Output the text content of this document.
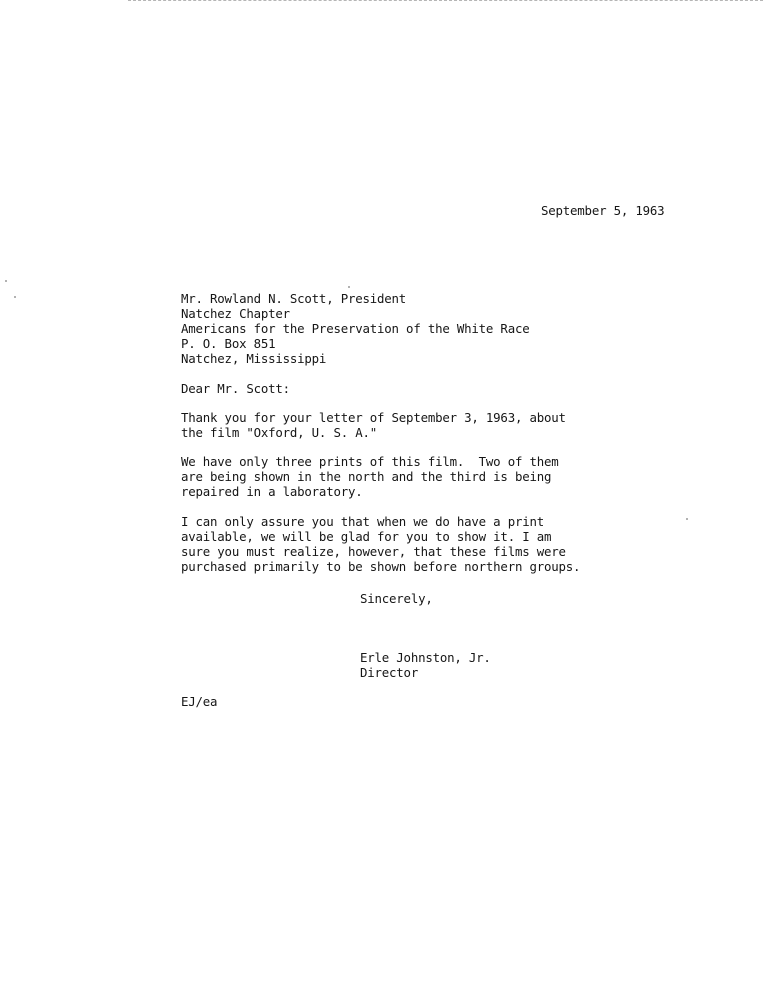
September 5, 1963
Mr. Rowland N. Scott, President
Natchez Chapter
Americans for the Preservation of the White Race
P. O. Box 851
Natchez, Mississippi
Dear Mr. Scott:
Thank you for your letter of September 3, 1963, about
the film "Oxford, U. S. A."
We have only three prints of this film.  Two of them
are being shown in the north and the third is being
repaired in a laboratory.
I can only assure you that when we do have a print
available, we will be glad for you to show it. I am
sure you must realize, however, that these films were
purchased primarily to be shown before northern groups.
Sincerely,
Erle Johnston, Jr.
Director
EJ/ea
